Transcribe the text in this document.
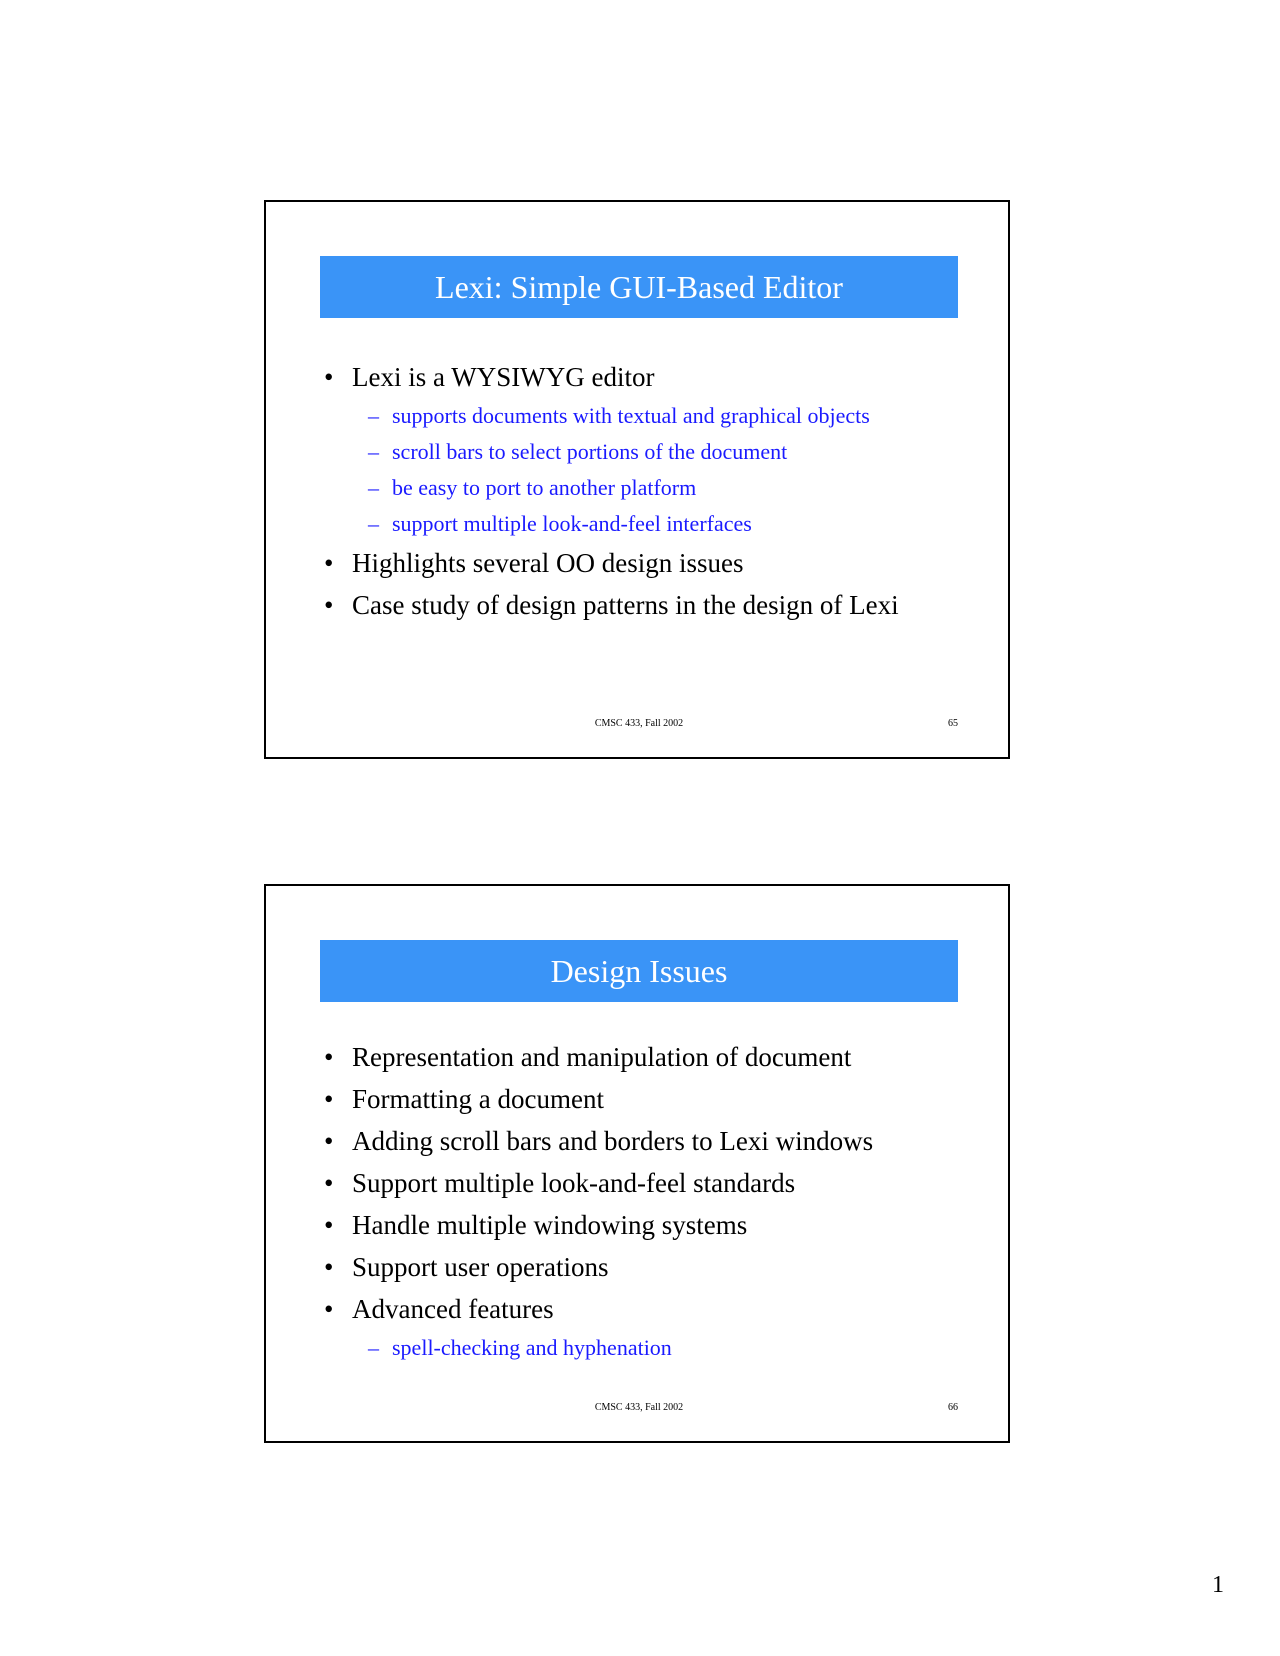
Lexi: Simple GUI-Based Editor
• Lexi is a WYSIWYG editor
– supports documents with textual and graphical objects
– scroll bars to select portions of the document
– be easy to port to another platform
– support multiple look-and-feel interfaces
• Highlights several OO design issues
• Case study of design patterns in the design of Lexi
CMSC 433, Fall 2002	65
Design Issues
• Representation and manipulation of document
• Formatting a document
• Adding scroll bars and borders to Lexi windows
• Support multiple look-and-feel standards
• Handle multiple windowing systems
• Support user operations
• Advanced features
– spell-checking and hyphenation
CMSC 433, Fall 2002	66
1
